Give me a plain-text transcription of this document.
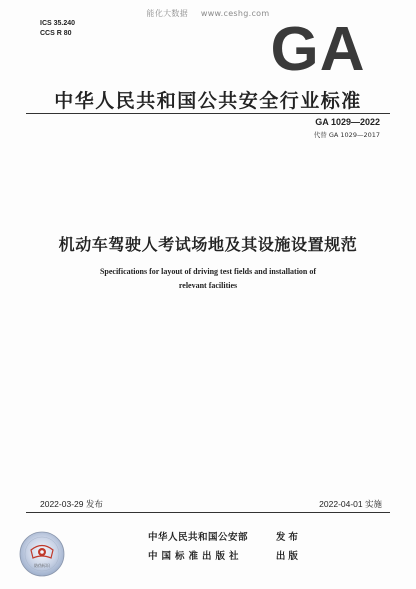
能化大数据 www.ceshg.com
ICS 35.240
CCS R 80	GA
中华人民共和国公共安全行业标准
GA 1029—2022
代替 GA 1029—2017
机动车驾驶人考试场地及其设施设置规范
Specifications for layout of driving test fields and installation of
relevant facilities
2022-03-29 发布	2022-04-01 实施
中华人民共和国公安部	发布
中国标准出版社	出版
防伪标识
